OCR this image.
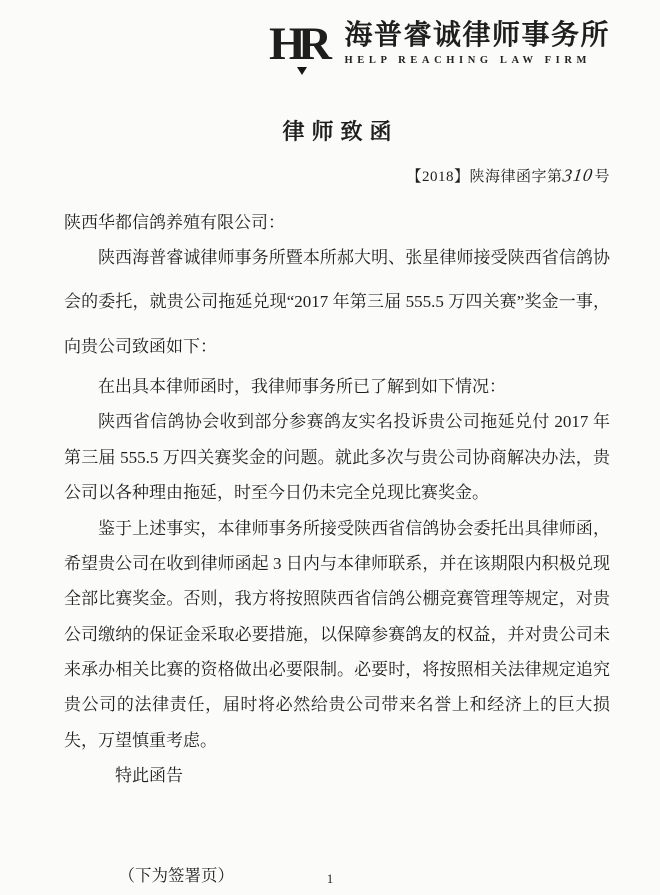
HR 海普睿诚律师事务所
HELP REACHING LAW FIRM
律师致函
【2018】陕海律函字第310号
陕西华都信鸽养殖有限公司：

陕西海普睿诚律师事务所暨本所郝大明、张星律师接受陕西省信鸽协会的委托，就贵公司拖延兑现“2017 年第三届 555.5 万四关赛”奖金一事，向贵公司致函如下：

在出具本律师函时，我律师事务所已了解到如下情况：

陕西省信鸽协会收到部分参赛鸽友实名投诉贵公司拖延兑付 2017 年第三届 555.5 万四关赛奖金的问题。就此多次与贵公司协商解决办法，贵公司以各种理由拖延，时至今日仍未完全兑现比赛奖金。

鉴于上述事实，本律师事务所接受陕西省信鸽协会委托出具律师函，希望贵公司在收到律师函起 3 日内与本律师联系，并在该期限内积极兑现全部比赛奖金。否则，我方将按照陕西省信鸽公棚竞赛管理等规定，对贵公司缴纳的保证金采取必要措施，以保障参赛鸽友的权益，并对贵公司未来承办相关比赛的资格做出必要限制。必要时，将按照相关法律规定追究贵公司的法律责任，届时将必然给贵公司带来名誉上和经济上的巨大损失，万望慎重考虑。

特此函告

（下为签署页）	1
